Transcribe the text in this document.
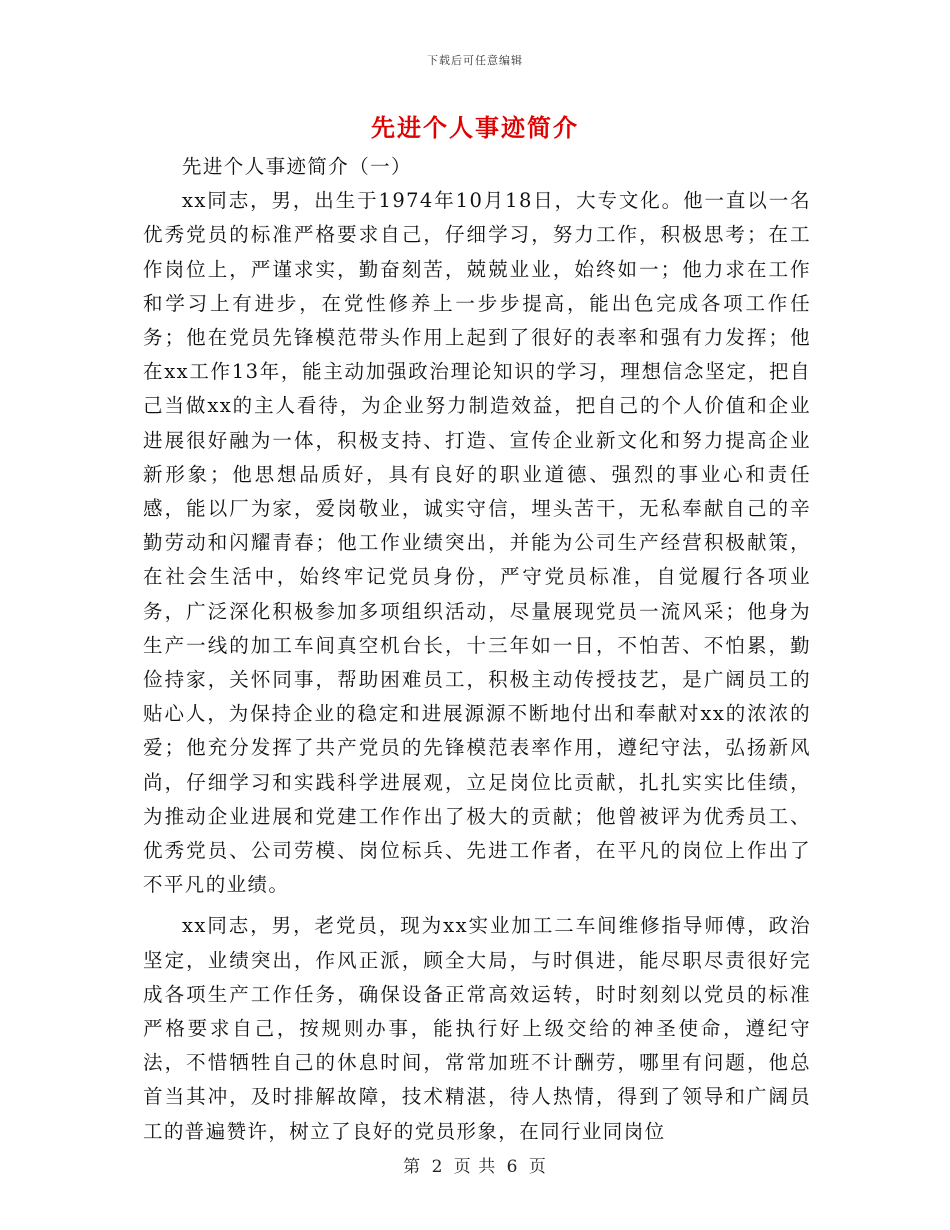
下载后可任意编辑
先进个人事迹简介

先进个人事迹简介（一）

xx同志，男，出生于1974年10月18日，大专文化。他一直以一名优秀党员的标准严格要求自己，仔细学习，努力工作，积极思考；在工作岗位上，严谨求实，勤奋刻苦，兢兢业业，始终如一；他力求在工作和学习上有进步，在党性修养上一步步提高，能出色完成各项工作任务；他在党员先锋模范带头作用上起到了很好的表率和强有力发挥；他在xx工作13年，能主动加强政治理论知识的学习，理想信念坚定，把自己当做xx的主人看待，为企业努力制造效益，把自己的个人价值和企业进展很好融为一体，积极支持、打造、宣传企业新文化和努力提高企业新形象；他思想品质好，具有良好的职业道德、强烈的事业心和责任感，能以厂为家，爱岗敬业，诚实守信，埋头苦干，无私奉献自己的辛勤劳动和闪耀青春；他工作业绩突出，并能为公司生产经营积极献策，在社会生活中，始终牢记党员身份，严守党员标准，自觉履行各项业务，广泛深化积极参加多项组织活动，尽量展现党员一流风采；他身为生产一线的加工车间真空机台长，十三年如一日，不怕苦、不怕累，勤俭持家，关怀同事，帮助困难员工，积极主动传授技艺，是广阔员工的贴心人，为保持企业的稳定和进展源源不断地付出和奉献对xx的浓浓的爱；他充分发挥了共产党员的先锋模范表率作用，遵纪守法，弘扬新风尚，仔细学习和实践科学进展观，立足岗位比贡献，扎扎实实比佳绩，为推动企业进展和党建工作作出了极大的贡献；他曾被评为优秀员工、优秀党员、公司劳模、岗位标兵、先进工作者，在平凡的岗位上作出了不平凡的业绩。

xx同志，男，老党员，现为xx实业加工二车间维修指导师傅，政治坚定，业绩突出，作风正派，顾全大局，与时俱进，能尽职尽责很好完成各项生产工作任务，确保设备正常高效运转，时时刻刻以党员的标准严格要求自己，按规则办事，能执行好上级交给的神圣使命，遵纪守法，不惜牺牲自己的休息时间，常常加班不计酬劳，哪里有问题，他总首当其冲，及时排解故障，技术精湛，待人热情，得到了领导和广阔员工的普遍赞许，树立了良好的党员形象，在同行业同岗位

第 2 页 共 6 页
